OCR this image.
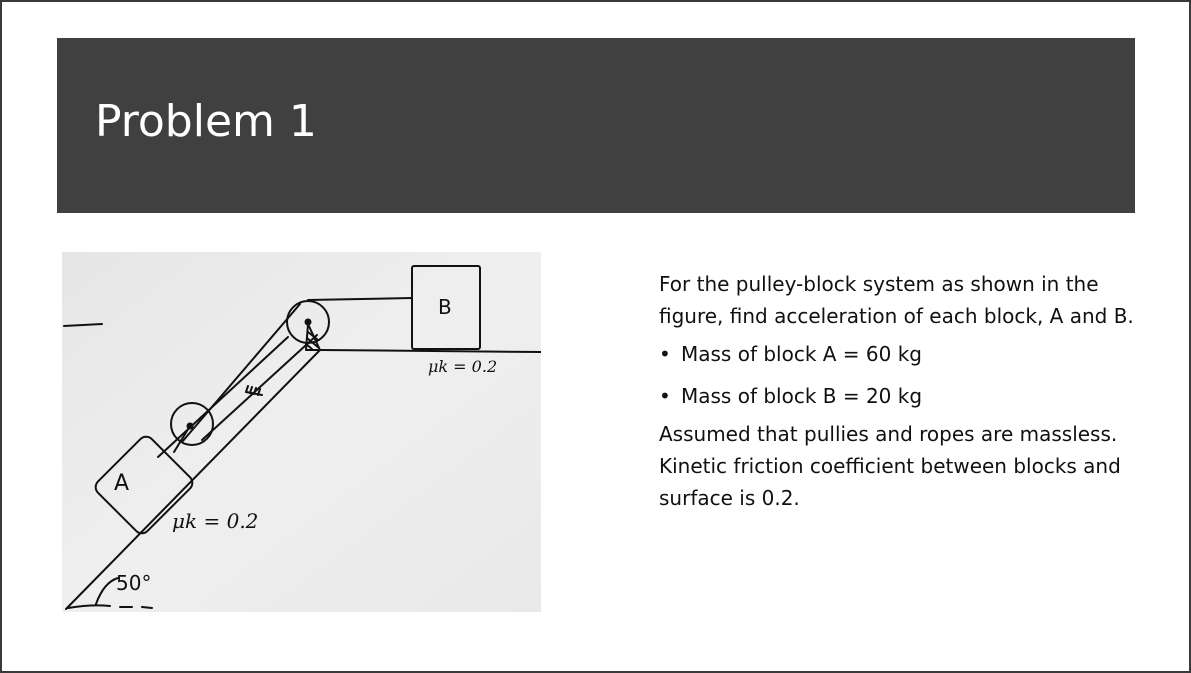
Problem 1
A
B
μk = 0.2
μk = 0.2
50°

For the pulley-block system as shown in the figure, find acceleration of each block, A and B.

• Mass of block A = 60 kg
• Mass of block B = 20 kg

Assumed that pullies and ropes are massless. Kinetic friction coefficient between blocks and surface is 0.2.
